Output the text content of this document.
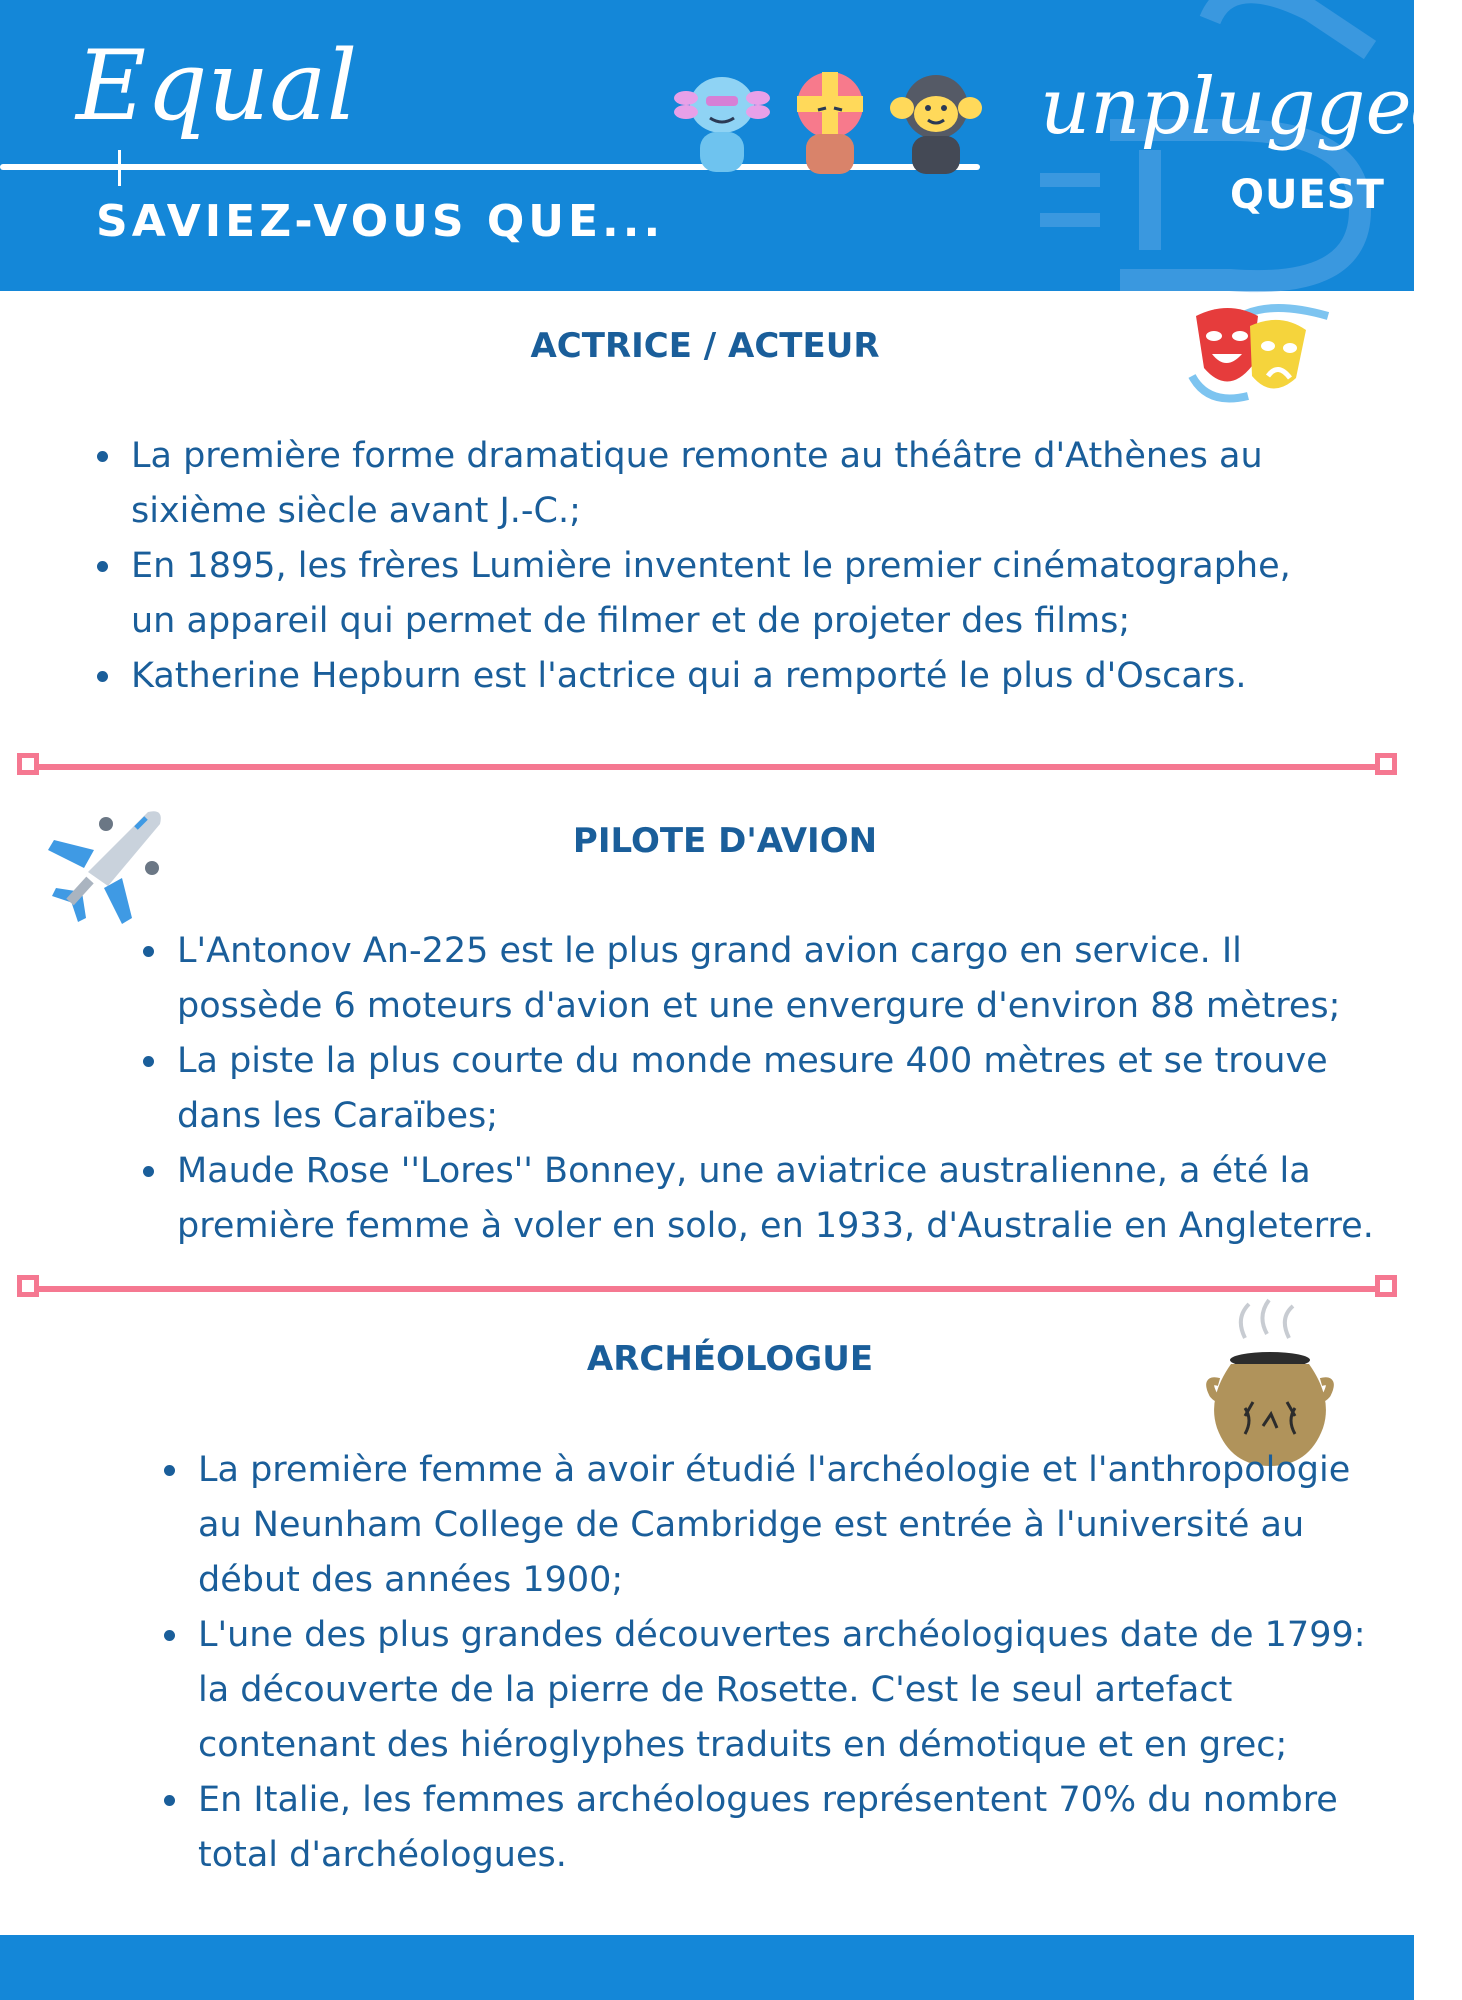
Equal
SAVIEZ-VOUS QUE...
unplugged
QUEST
ACTRICE / ACTEUR
La première forme dramatique remonte au théâtre d'Athènes au sixième siècle avant J.-C.;
En 1895, les frères Lumière inventent le premier cinématographe, un appareil qui permet de filmer et de projeter des films;
Katherine Hepburn est l'actrice qui a remporté le plus d'Oscars.
PILOTE D'AVION
L'Antonov An-225 est le plus grand avion cargo en service. Il possède 6 moteurs d'avion et une envergure d'environ 88 mètres;
La piste la plus courte du monde mesure 400 mètres et se trouve dans les Caraïbes;
Maude Rose ''Lores'' Bonney, une aviatrice australienne, a été la première femme à voler en solo, en 1933, d'Australie en Angleterre.
ARCHÉOLOGUE
La première femme à avoir étudié l'archéologie et l'anthropologie au Neunham College de Cambridge est entrée à l'université au début des années 1900;
L'une des plus grandes découvertes archéologiques date de 1799: la découverte de la pierre de Rosette. C'est le seul artefact contenant des hiéroglyphes traduits en démotique et en grec;
En Italie, les femmes archéologues représentent 70% du nombre total d'archéologues.
